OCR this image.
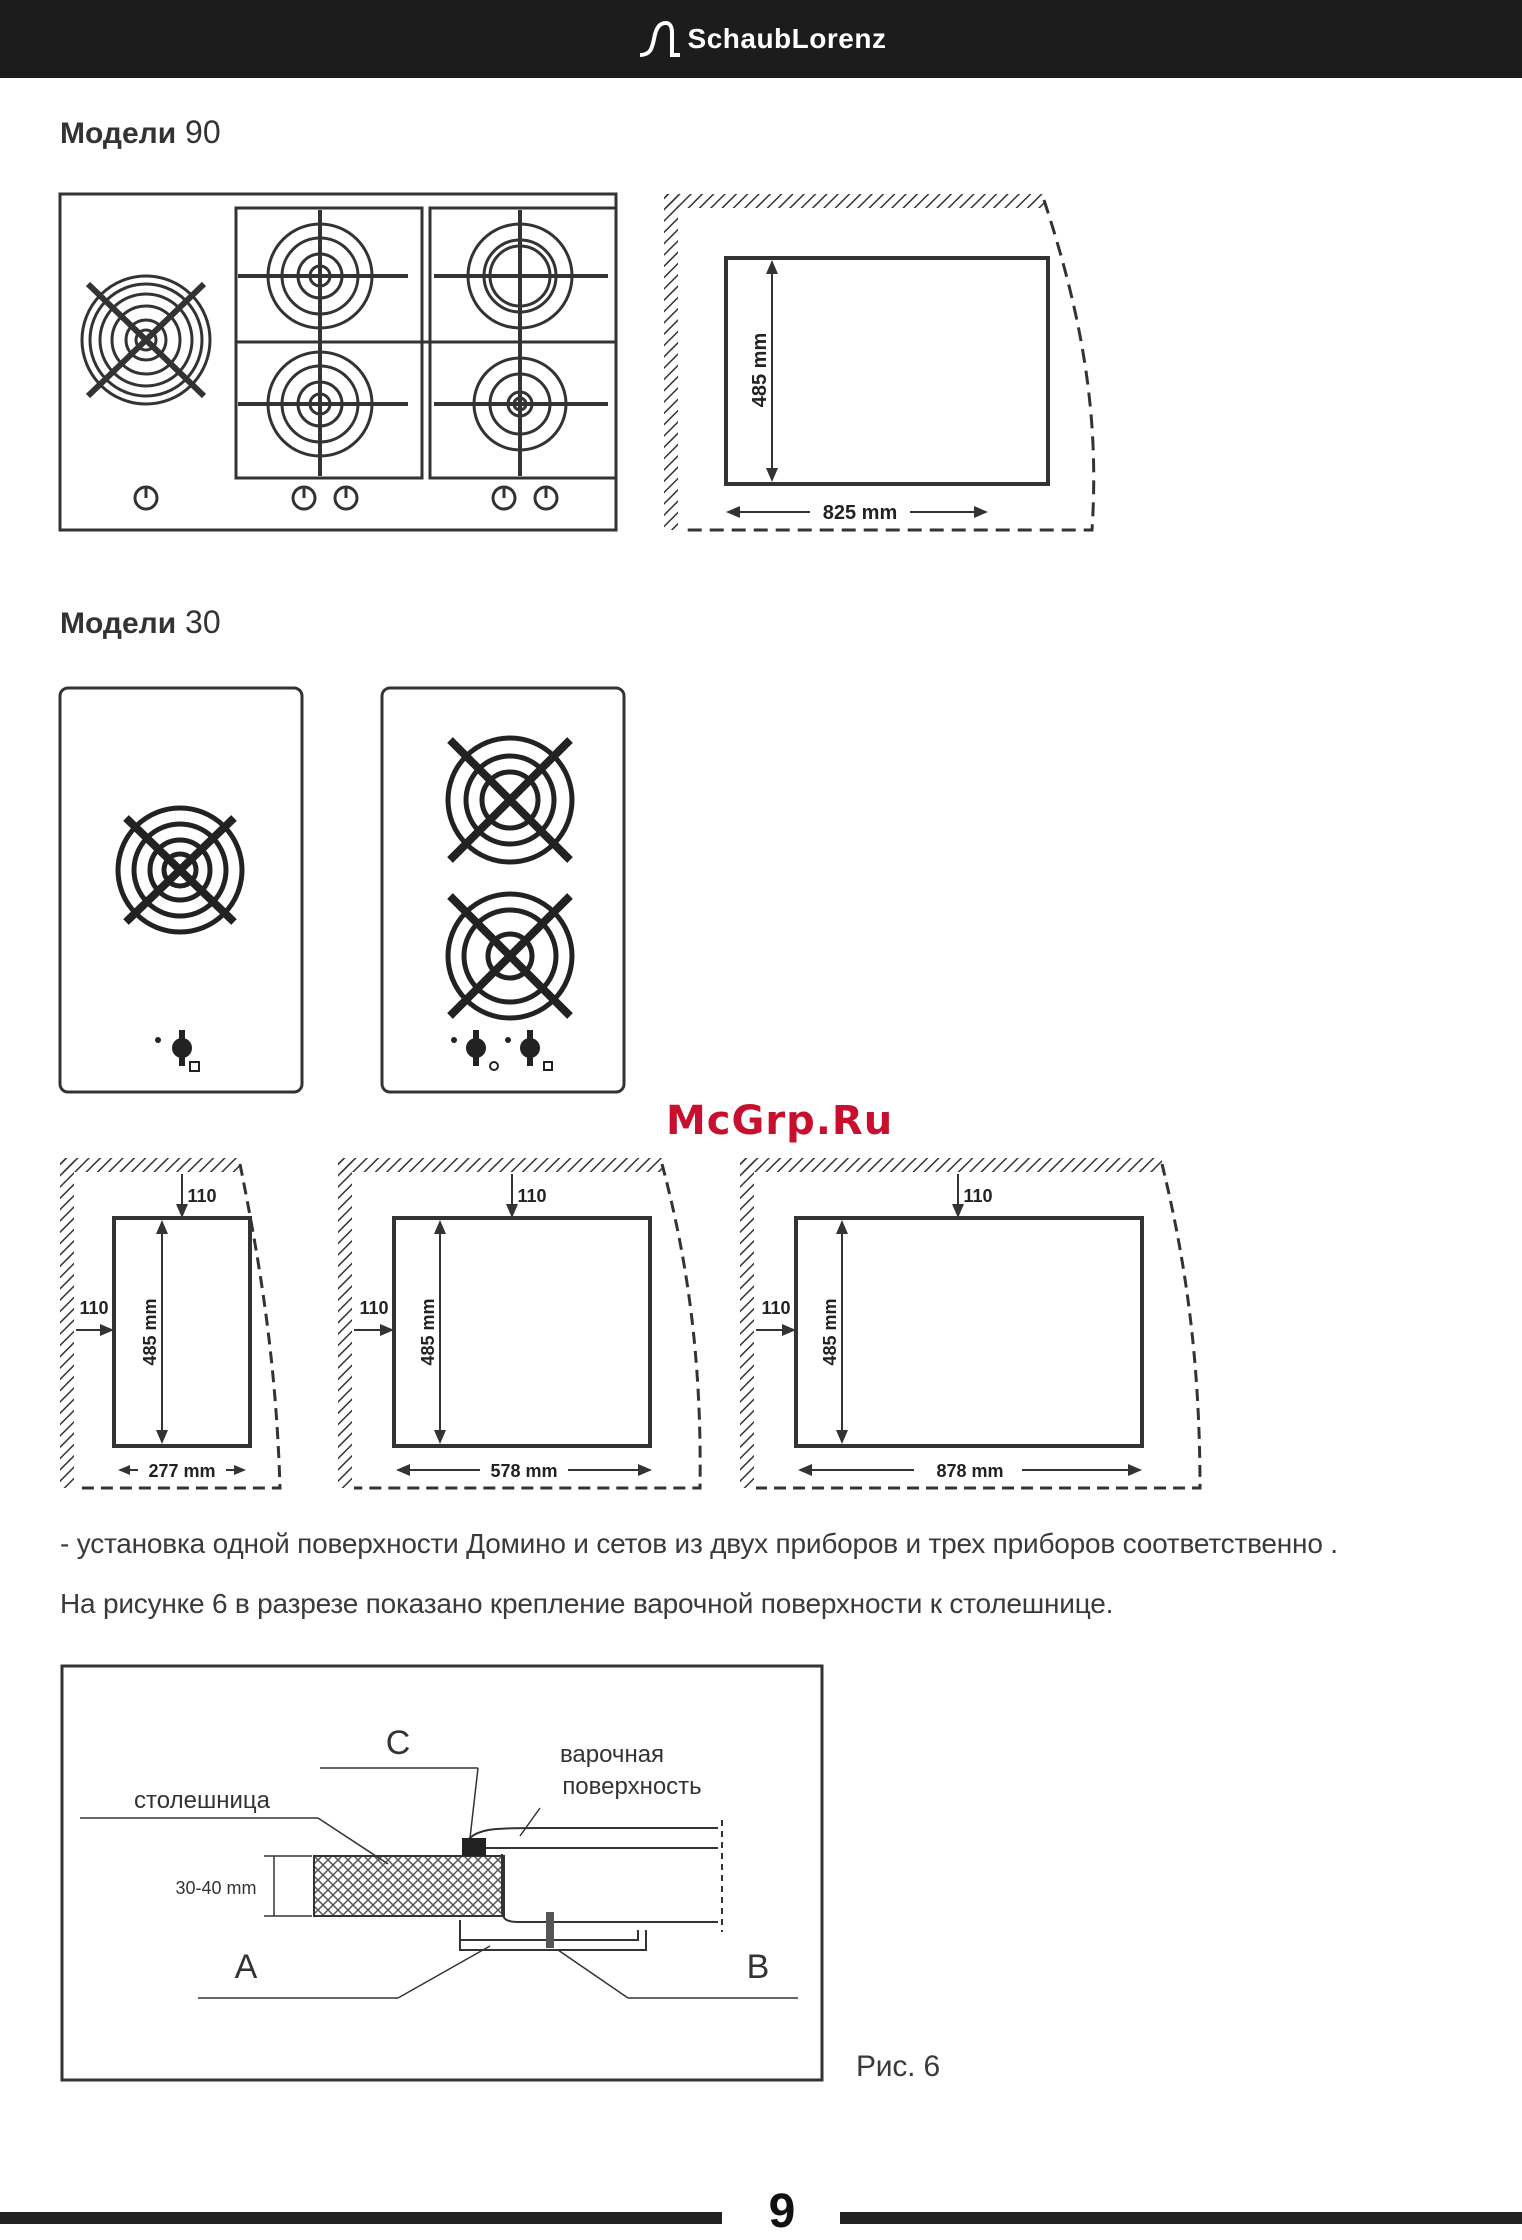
SchaubLorenz
Модели 90
485 mm
825 mm
Модели 30
McGrp.Ru
110
110 485 mm
277 mm
110
110 485 mm
578 mm
110
110 485 mm
878 mm
- установка одной поверхности Домино и сетов из двух приборов и трех приборов соответственно .
На рисунке 6 в разрезе показано крепление варочной поверхности к столешнице.
C
столешница
варочная
поверхность
30-40 mm
A	B
Рис. 6
9
